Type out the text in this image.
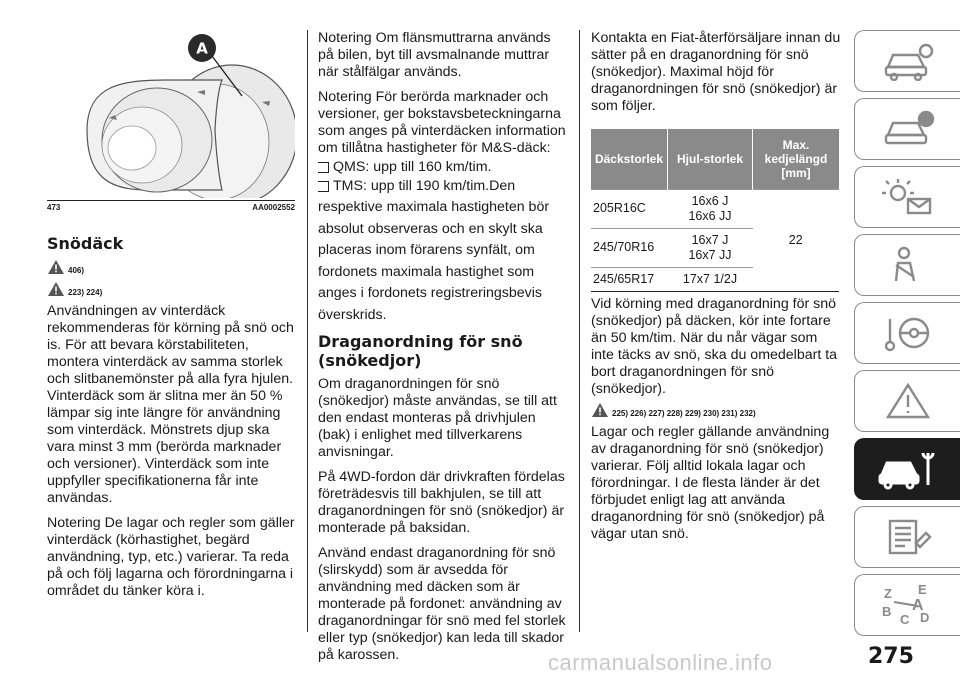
A
473	AA0002552
Snödäck
406)
223) 224)

Användningen av vinterdäck rekommenderas för körning på snö och is. För att bevara körstabiliteten, montera vinterdäck av samma storlek och slitbanemönster på alla fyra hjulen. Vinterdäck som är slitna mer än 50 % lämpar sig inte längre för användning som vinterdäck. Mönstrets djup ska vara minst 3 mm (berörda marknader och versioner). Vinterdäck som inte uppfyller specifikationerna får inte användas.

Notering De lagar och regler som gäller vinterdäck (körhastighet, begärd användning, typ, etc.) varierar. Ta reda på och följ lagarna och förordningarna i området du tänker köra i.

Notering Om flänsmuttrarna används på bilen, byt till avsmalnande muttrar när stålfälgar används.

Notering För berörda marknader och versioner, ger bokstavsbeteckningarna som anges på vinterdäcken information om tillåtna hastigheter för M&S-däck:

QMS: upp till 160 km/tim.
TMS: upp till 190 km/tim.Den

respektive maximala hastigheten bör absolut observeras och en skylt ska placeras inom förarens synfält, om fordonets maximala hastighet som anges i fordonets registreringsbevis överskrids.

Draganordning för snö (snökedjor)

Om draganordningen för snö (snökedjor) måste användas, se till att den endast monteras på drivhjulen (bak) i enlighet med tillverkarens anvisningar.

På 4WD-fordon där drivkraften fördelas företrädesvis till bakhjulen, se till att draganordningen för snö (snökedjor) är monterade på baksidan.

Använd endast draganordning för snö (slirskydd) som är avsedda för användning med däcken som är monterade på fordonet: användning av draganordningar för snö med fel storlek eller typ (snökedjor) kan leda till skador på karossen.

Kontakta en Fiat-återförsäljare innan du sätter på en draganordning för snö (snökedjor). Maximal höjd för draganordningen för snö (snökedjor) är som följer.

Däckstorlek	Hjul-storlek	Max. kedjelängd [mm]
205R16C	16x6 J
16x6 JJ	22
245/70R16	16x7 J
16x7 JJ	

245/65R17	17x7 1/2J	

Vid körning med draganordning för snö (snökedjor) på däcken, kör inte fortare än 50 km/tim. När du når vägar som inte täcks av snö, ska du omedelbart ta bort draganordningen för snö (snökedjor).

225) 226) 227) 228) 229) 230) 231) 232)

Lagar och regler gällande användning av draganordning för snö (snökedjor) varierar. Följ alltid lokala lagar och förordningar. I de flesta länder är det förbjudet enligt lag att använda draganordning för snö (snökedjor) på vägar utan snö.

Z E
B
C D
A
275
carmanualsonline.info
